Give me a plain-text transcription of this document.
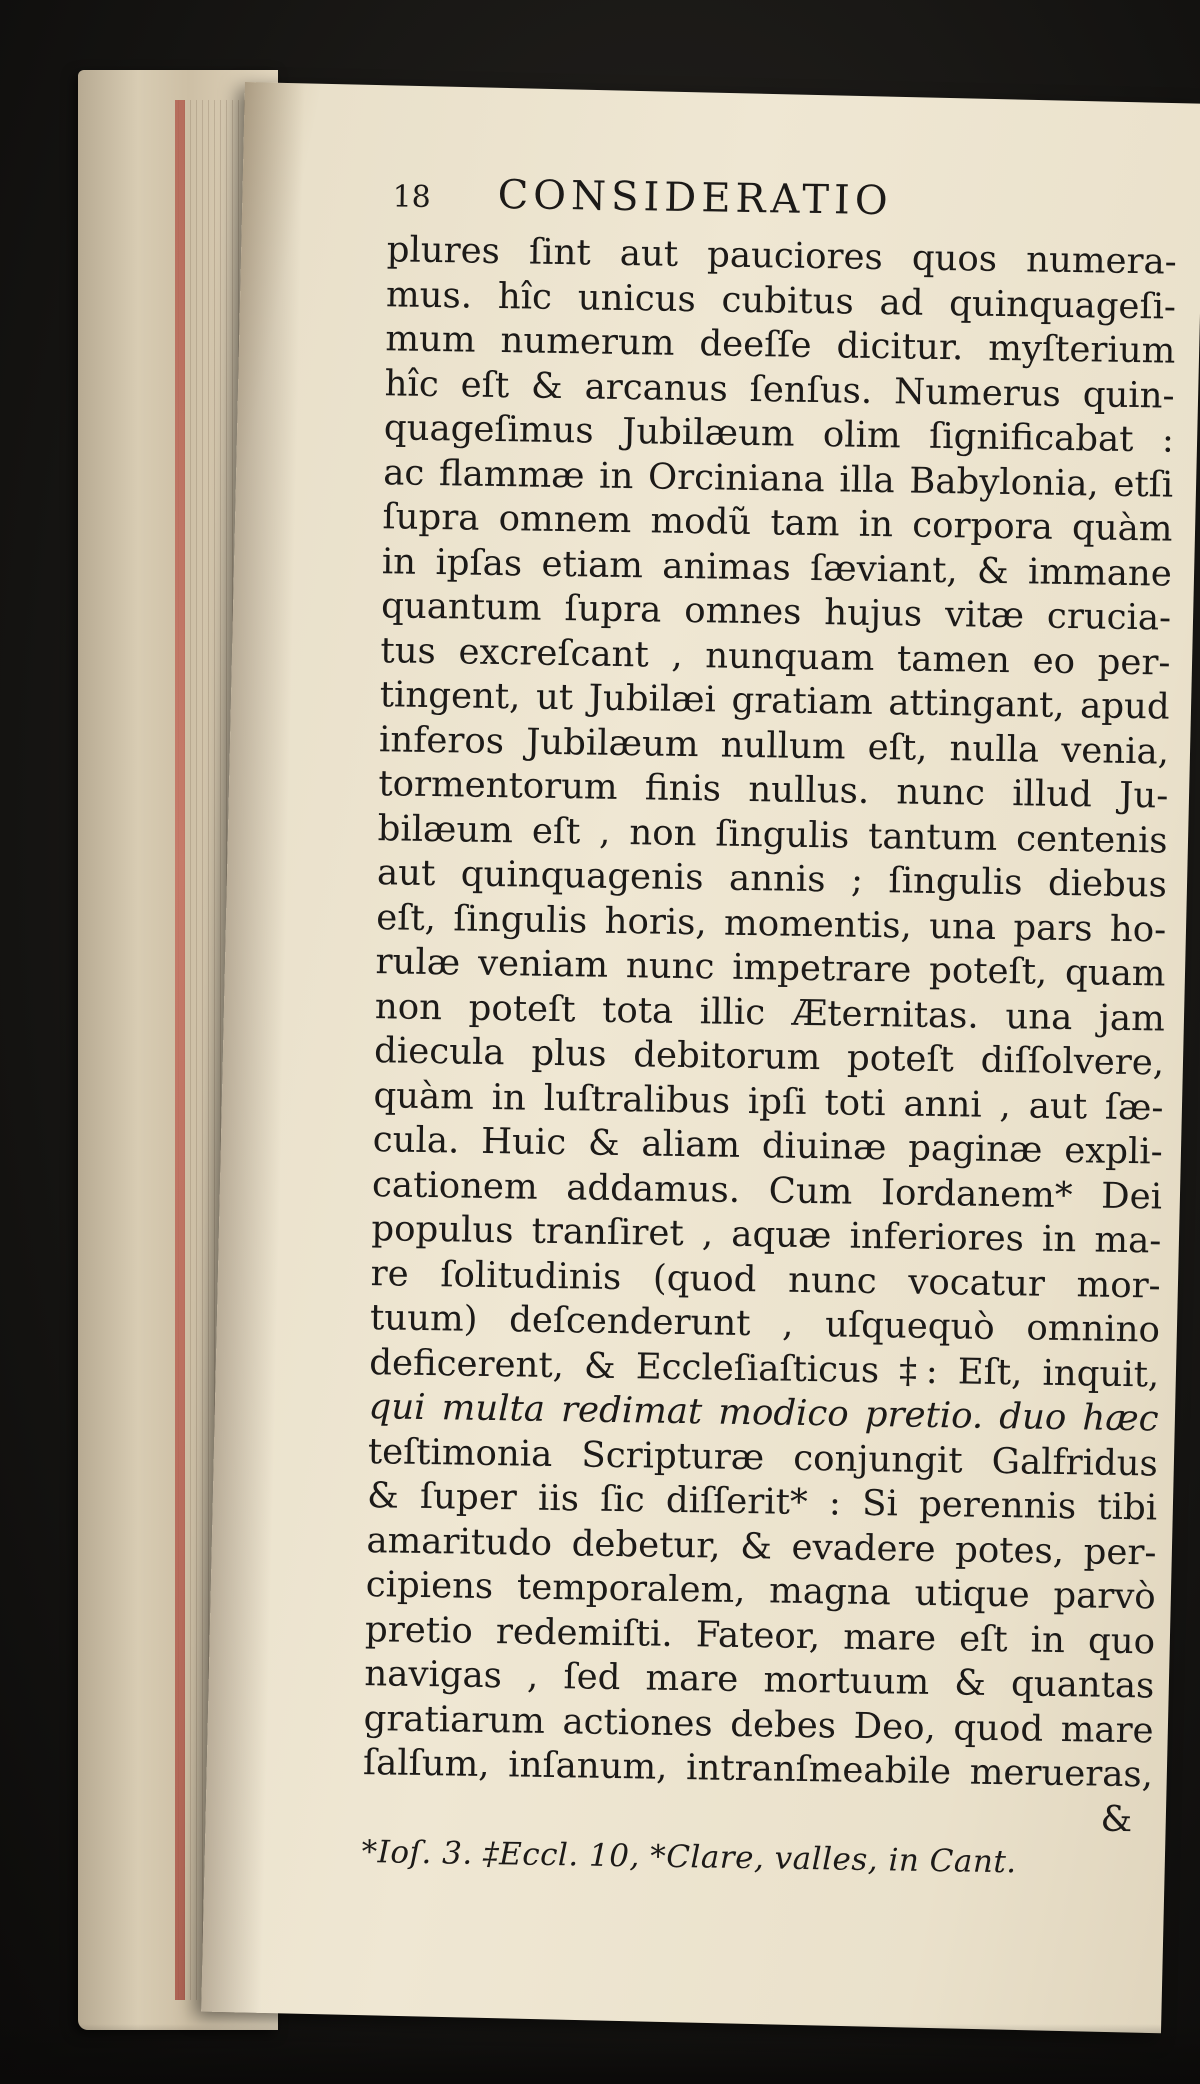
18	CONSIDERATIO
plures ſint aut pauciores quos numera-
mus. hîc unicus cubitus ad quinquageſi-
mum numerum deeſſe dicitur. myſterium
hîc eſt & arcanus ſenſus. Numerus quin-
quageſimus Jubilæum olim ſignificabat :
ac flammæ in Orciniana illa Babylonia, etſi
ſupra omnem modũ tam in corpora quàm
in ipſas etiam animas ſæviant, & immane
quantum ſupra omnes hujus vitæ crucia-
tus excreſcant , nunquam tamen eo per-
tingent, ut Jubilæi gratiam attingant, apud
inferos Jubilæum nullum eſt, nulla venia,
tormentorum finis nullus. nunc illud Ju-
bilæum eſt , non ſingulis tantum centenis
aut quinquagenis annis ; ſingulis diebus
eſt, ſingulis horis, momentis, una pars ho-
rulæ veniam nunc impetrare poteſt, quam
non poteſt tota illic Æternitas. una jam
diecula plus debitorum poteſt diſſolvere,
quàm in luſtralibus ipſi toti anni , aut ſæ-
cula. Huic & aliam diuinæ paginæ expli-
cationem addamus. Cum Iordanem* Dei
populus tranſiret , aquæ inferiores in ma-
re ſolitudinis (quod nunc vocatur mor-
tuum) deſcenderunt , uſquequò omnino
deficerent, & Eccleſiaſticus ‡: Eſt, inquit,
qui multa redimat modico pretio. duo hæc
teſtimonia Scripturæ conjungit Galfridus
& ſuper iis ſic diſſerit* : Si perennis tibi
amaritudo debetur, & evadere potes, per-
cipiens temporalem, magna utique parvò
pretio redemiſti. Fateor, mare eſt in quo
navigas , ſed mare mortuum & quantas
gratiarum actiones debes Deo, quod mare
ſalſum, inſanum, intranſmeabile merueras,
&
*Ioſ. 3. ‡Eccl. 10, *Clare, valles, in Cant.
